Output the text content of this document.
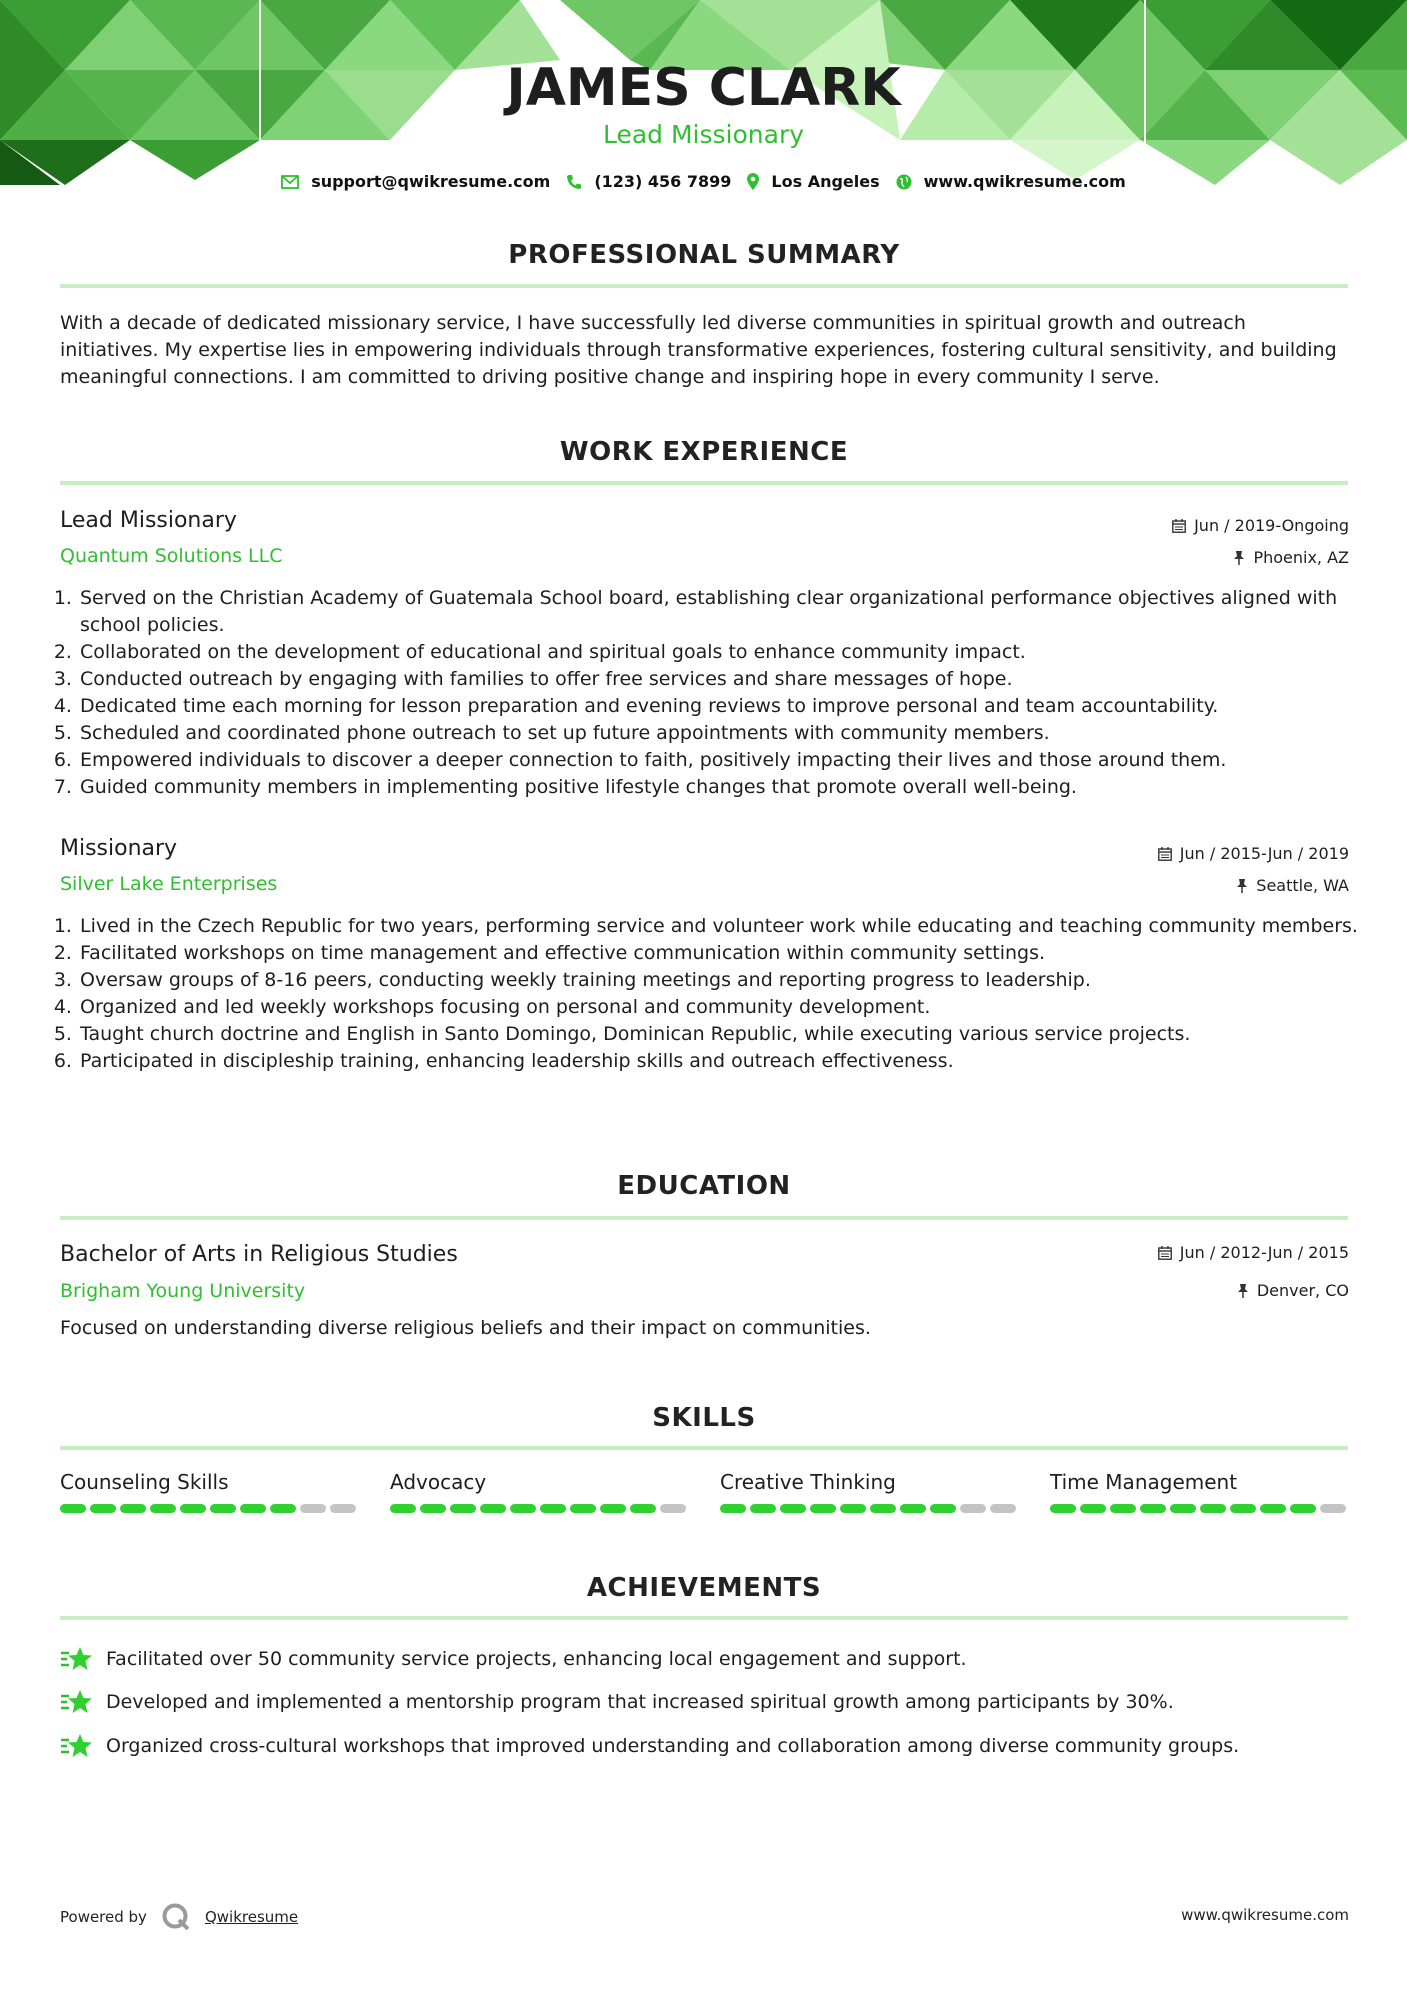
JAMES CLARK
Lead Missionary
support@qwikresume.com	(123) 456 7899	Los Angeles	www.qwikresume.com
PROFESSIONAL SUMMARY
With a decade of dedicated missionary service, I have successfully led diverse communities in spiritual growth and outreach initiatives. My expertise lies in empowering individuals through transformative experiences, fostering cultural sensitivity, and building meaningful connections. I am committed to driving positive change and inspiring hope in every community I serve.
WORK EXPERIENCE
Lead Missionary	Jun / 2019-Ongoing
Quantum Solutions LLC	Phoenix, AZ
1. Served on the Christian Academy of Guatemala School board, establishing clear organizational performance objectives aligned with school policies.
2. Collaborated on the development of educational and spiritual goals to enhance community impact.
3. Conducted outreach by engaging with families to offer free services and share messages of hope.
4. Dedicated time each morning for lesson preparation and evening reviews to improve personal and team accountability.
5. Scheduled and coordinated phone outreach to set up future appointments with community members.
6. Empowered individuals to discover a deeper connection to faith, positively impacting their lives and those around them.
7. Guided community members in implementing positive lifestyle changes that promote overall well-being.
Missionary	Jun / 2015-Jun / 2019
Silver Lake Enterprises	Seattle, WA
1. Lived in the Czech Republic for two years, performing service and volunteer work while educating and teaching community members.
2. Facilitated workshops on time management and effective communication within community settings.
3. Oversaw groups of 8-16 peers, conducting weekly training meetings and reporting progress to leadership.
4. Organized and led weekly workshops focusing on personal and community development.
5. Taught church doctrine and English in Santo Domingo, Dominican Republic, while executing various service projects.
6. Participated in discipleship training, enhancing leadership skills and outreach effectiveness.
EDUCATION
Bachelor of Arts in Religious Studies	Jun / 2012-Jun / 2015
Brigham Young University	Denver, CO
Focused on understanding diverse religious beliefs and their impact on communities.
SKILLS
Counseling Skills	Advocacy	Creative Thinking	Time Management
ACHIEVEMENTS
Facilitated over 50 community service projects, enhancing local engagement and support.
Developed and implemented a mentorship program that increased spiritual growth among participants by 30%.
Organized cross-cultural workshops that improved understanding and collaboration among diverse community groups.
Powered by	Qwikresume	www.qwikresume.com
